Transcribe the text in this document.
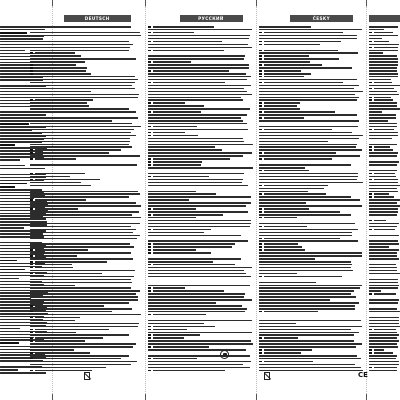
DEUTSCH	РУССКИЙ	ČESKY
CE
